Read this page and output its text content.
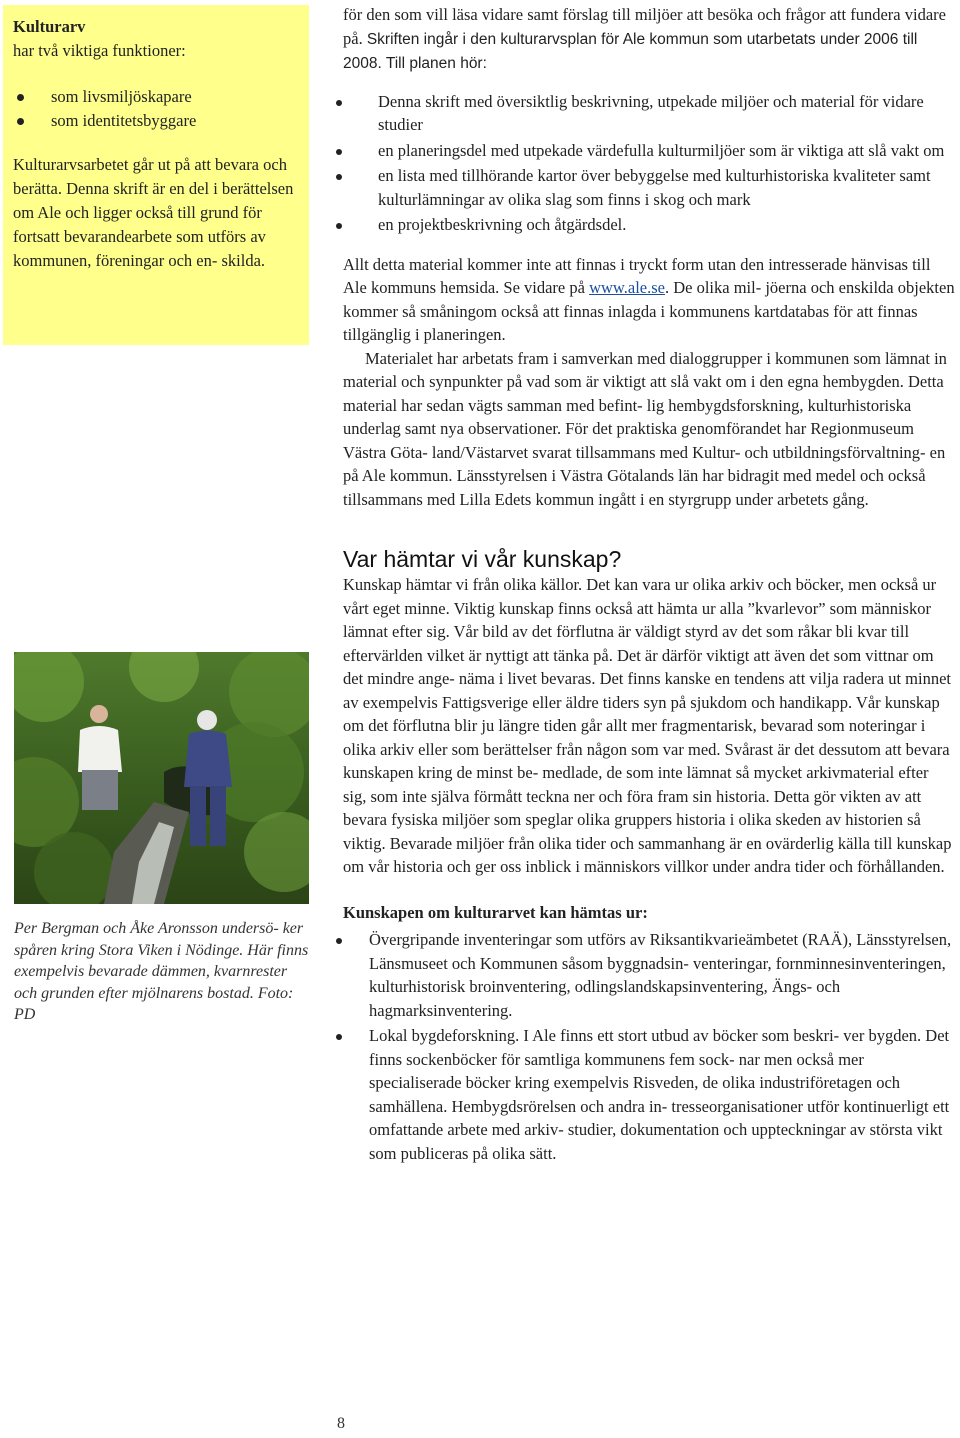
Kulturarv
har två viktiga funktioner:
som livsmiljöskapare
som identitetsbyggare
Kulturarvsarbetet går ut på att bevara och berätta. Denna skrift är en del i berättelsen om Ale och ligger också till grund för fortsatt bevarandearbete som utförs av kommunen, föreningar och en- skilda.
Per Bergman och Åke Aronsson undersö- ker spåren kring Stora Viken i Nödinge. Här finns exempelvis bevarade dämmen, kvarnrester och grunden efter mjölnarens bostad. Foto: PD

för den som vill läsa vidare samt förslag till miljöer att besöka och frågor att fundera vidare på. Skriften ingår i den kulturarvsplan för Ale kommun som utarbetats under 2006 till 2008. Till planen hör:

Denna skrift med översiktlig beskrivning, utpekade miljöer och material för vidare studier
en planeringsdel med utpekade värdefulla kulturmiljöer som är viktiga att slå vakt om
en lista med tillhörande kartor över bebyggelse med kulturhistoriska kvaliteter samt kulturlämningar av olika slag som finns i skog och mark
en projektbeskrivning och åtgärdsdel.

Allt detta material kommer inte att finnas i tryckt form utan den intresserade hänvisas till Ale kommuns hemsida. Se vidare på www.ale.se. De olika mil- jöerna och enskilda objekten kommer så småningom också att finnas inlagda i kommunens kartdatabas för att finnas tillgänglig i planeringen.

Materialet har arbetats fram i samverkan med dialoggrupper i kommunen som lämnat in material och synpunkter på vad som är viktigt att slå vakt om i den egna hembygden. Detta material har sedan vägts samman med befint- lig hembygdsforskning, kulturhistoriska underlag samt nya observationer. För det praktiska genomförandet har Regionmuseum Västra Göta- land/Västarvet svarat tillsammans med Kultur- och utbildningsförvaltning- en på Ale kommun. Länsstyrelsen i Västra Götalands län har bidragit med medel och också tillsammans med Lilla Edets kommun ingått i en styrgrupp under arbetets gång.

Var hämtar vi vår kunskap?

Kunskap hämtar vi från olika källor. Det kan vara ur olika arkiv och böcker, men också ur vårt eget minne. Viktig kunskap finns också att hämta ur alla ”kvarlevor” som människor lämnat efter sig. Vår bild av det förflutna är väldigt styrd av det som råkar bli kvar till eftervärlden vilket är nyttigt att tänka på. Det är därför viktigt att även det som vittnar om det mindre ange- näma i livet bevaras. Det finns kanske en tendens att vilja radera ut minnet av exempelvis Fattigsverige eller äldre tiders syn på sjukdom och handikapp. Vår kunskap om det förflutna blir ju längre tiden går allt mer fragmentarisk, bevarad som noteringar i olika arkiv eller som berättelser från någon som var med. Svårast är det dessutom att bevara kunskapen kring de minst be- medlade, de som inte lämnat så mycket arkivmaterial efter sig, som inte själva förmått teckna ner och föra fram sin historia. Detta gör vikten av att bevara fysiska miljöer som speglar olika gruppers historia i olika skeden av historien så viktig. Bevarade miljöer från olika tider och sammanhang är en ovärderlig källa till kunskap om vår historia och ger oss inblick i människors villkor under andra tider och förhållanden.

Kunskapen om kulturarvet kan hämtas ur:

Övergripande inventeringar som utförs av Riksantikvarieämbetet (RAÄ), Länsstyrelsen, Länsmuseet och Kommunen såsom byggnadsin- venteringar, fornminnesinventeringen, kulturhistorisk broinventering, odlingslandskapsinventering, Ängs- och hagmarksinventering.
Lokal bygdeforskning. I Ale finns ett stort utbud av böcker som beskri- ver bygden. Det finns sockenböcker för samtliga kommunens fem sock- nar men också mer specialiserade böcker kring exempelvis Risveden, de olika industriföretagen och samhällena. Hembygdsrörelsen och andra in- tresseorganisationer utför kontinuerligt ett omfattande arbete med arkiv- studier, dokumentation och uppteckningar av största vikt som publiceras på olika sätt.
8
